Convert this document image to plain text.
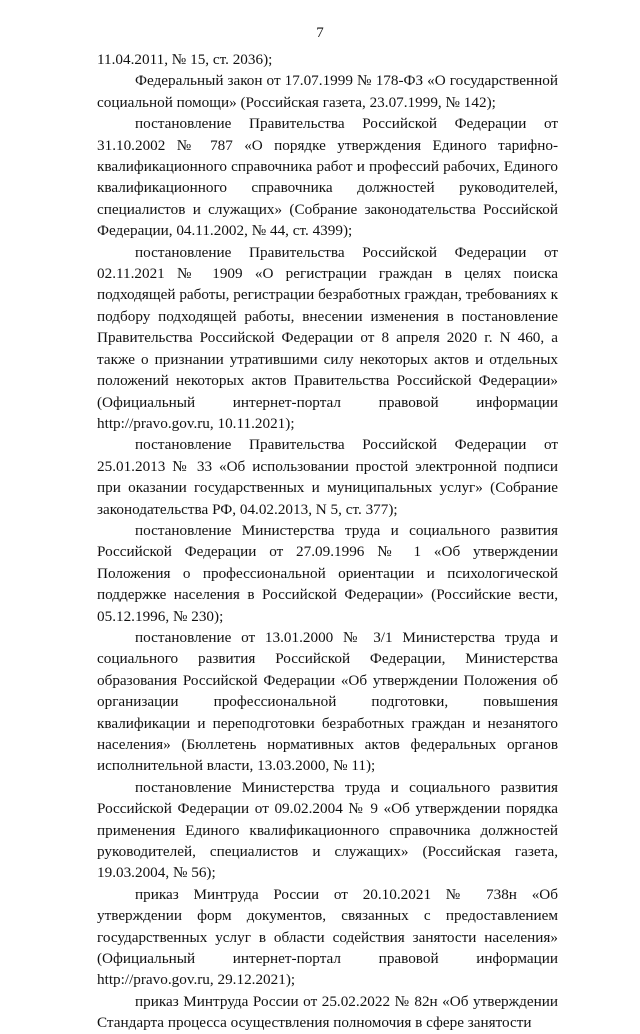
7

11.04.2011, № 15, ст. 2036);

Федеральный закон от 17.07.1999 № 178-ФЗ «О государственной социальной помощи» (Российская газета, 23.07.1999, № 142);

постановление Правительства Российской Федерации от 31.10.2002 № 787 «О порядке утверждения Единого тарифно-квалификационного справочника работ и профессий рабочих, Единого квалификационного справочника должностей руководителей, специалистов и служащих» (Собрание законодательства Российской Федерации, 04.11.2002, № 44, ст. 4399);

постановление Правительства Российской Федерации от 02.11.2021 № 1909 «О регистрации граждан в целях поиска подходящей работы, регистрации безработных граждан, требованиях к подбору подходящей работы, внесении изменения в постановление Правительства Российской Федерации от 8 апреля 2020 г. N 460, а также о признании утратившими силу некоторых актов и отдельных положений некоторых актов Правительства Российской Федерации» (Официальный интернет-портал правовой информации http://pravo.gov.ru, 10.11.2021);

постановление Правительства Российской Федерации от 25.01.2013 № 33 «Об использовании простой электронной подписи при оказании государственных и муниципальных услуг» (Собрание законодательства РФ, 04.02.2013, N 5, ст. 377);

постановление Министерства труда и социального развития Российской Федерации от 27.09.1996 № 1 «Об утверждении Положения о профессиональной ориентации и психологической поддержке населения в Российской Федерации» (Российские вести, 05.12.1996, № 230);

постановление от 13.01.2000 № 3/1 Министерства труда и социального развития Российской Федерации, Министерства образования Российской Федерации «Об утверждении Положения об организации профессиональной подготовки, повышения квалификации и переподготовки безработных граждан и незанятого населения» (Бюллетень нормативных актов федеральных органов исполнительной власти, 13.03.2000, № 11);

постановление Министерства труда и социального развития Российской Федерации от 09.02.2004 № 9 «Об утверждении порядка применения Единого квалификационного справочника должностей руководителей, специалистов и служащих» (Российская газета, 19.03.2004, № 56);

приказ Минтруда России от 20.10.2021 № 738н «Об утверждении форм документов, связанных с предоставлением государственных услуг в области содействия занятости населения» (Официальный интернет-портал правовой информации http://pravo.gov.ru, 29.12.2021);

приказ Минтруда России от 25.02.2022 № 82н «Об утверждении Стандарта процесса осуществления полномочия в сфере занятости
